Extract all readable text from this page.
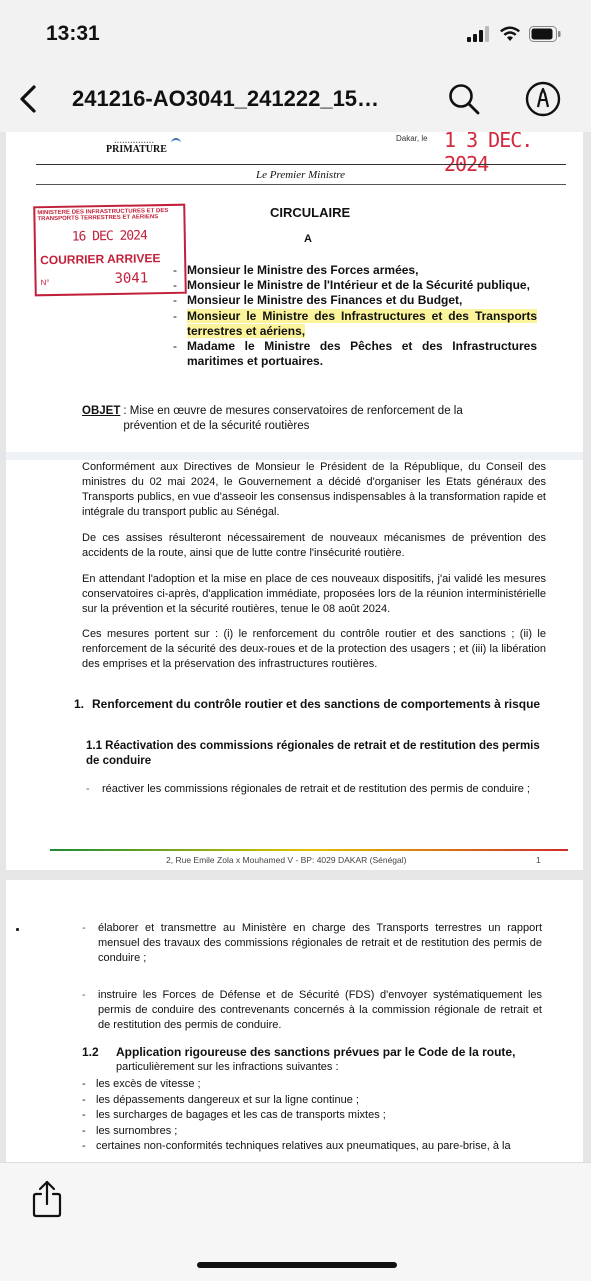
13:31
241216-AO3041_241222_15…
……………
PRIMATURE
Dakar, le 1 3 DEC. 2024
Le Premier Ministre
MINISTERE DES INFRASTRUCTURES ET DES
TRANSPORTS TERRESTRES ET AERIENS
16 DEC 2024
COURRIER ARRIVEE
N°	3041
CIRCULAIRE
A
- Monsieur le Ministre des Forces armées,
- Monsieur le Ministre de l'Intérieur et de la Sécurité publique,
- Monsieur le Ministre des Finances et du Budget,
- Monsieur le Ministre des Infrastructures et des Transports terrestres et aériens,
- Madame le Ministre des Pêches et des Infrastructures maritimes et portuaires.
OBJET : Mise en œuvre de mesures conservatoires de renforcement de la prévention et de la sécurité routières
Conformément aux Directives de Monsieur le Président de la République, du Conseil des ministres du 02 mai 2024, le Gouvernement a décidé d'organiser les Etats généraux des Transports publics, en vue d'asseoir les consensus indispensables à la transformation rapide et intégrale du transport public au Sénégal.
De ces assises résulteront nécessairement de nouveaux mécanismes de prévention des accidents de la route, ainsi que de lutte contre l'insécurité routière.
En attendant l'adoption et la mise en place de ces nouveaux dispositifs, j'ai validé les mesures conservatoires ci-après, d'application immédiate, proposées lors de la réunion interministérielle sur la prévention et la sécurité routières, tenue le 08 août 2024.
Ces mesures portent sur : (i) le renforcement du contrôle routier et des sanctions ; (ii) le renforcement de la sécurité des deux-roues et de la protection des usagers ; et (iii) la libération des emprises et la préservation des infrastructures routières.
1. Renforcement du contrôle routier et des sanctions de comportements à risque
1.1 Réactivation des commissions régionales de retrait et de restitution des permis de conduire
-	réactiver les commissions régionales de retrait et de restitution des permis de conduire ;
2, Rue Emile Zola x Mouhamed V - BP: 4029 DAKAR (Sénégal)	1
-	élaborer et transmettre au Ministère en charge des Transports terrestres un rapport mensuel des travaux des commissions régionales de retrait et de restitution des permis de conduire ;
-	instruire les Forces de Défense et de Sécurité (FDS) d'envoyer systématiquement les permis de conduire des contrevenants concernés à la commission régionale de retrait et de restitution des permis de conduire.
1.2	Application rigoureuse des sanctions prévues par le Code de la route,
particulièrement sur les infractions suivantes :
- les excès de vitesse ;
- les dépassements dangereux et sur la ligne continue ;
- les surcharges de bagages et les cas de transports mixtes ;
- les surnombres ;
- certaines non-conformités techniques relatives aux pneumatiques, au pare-brise, à la
